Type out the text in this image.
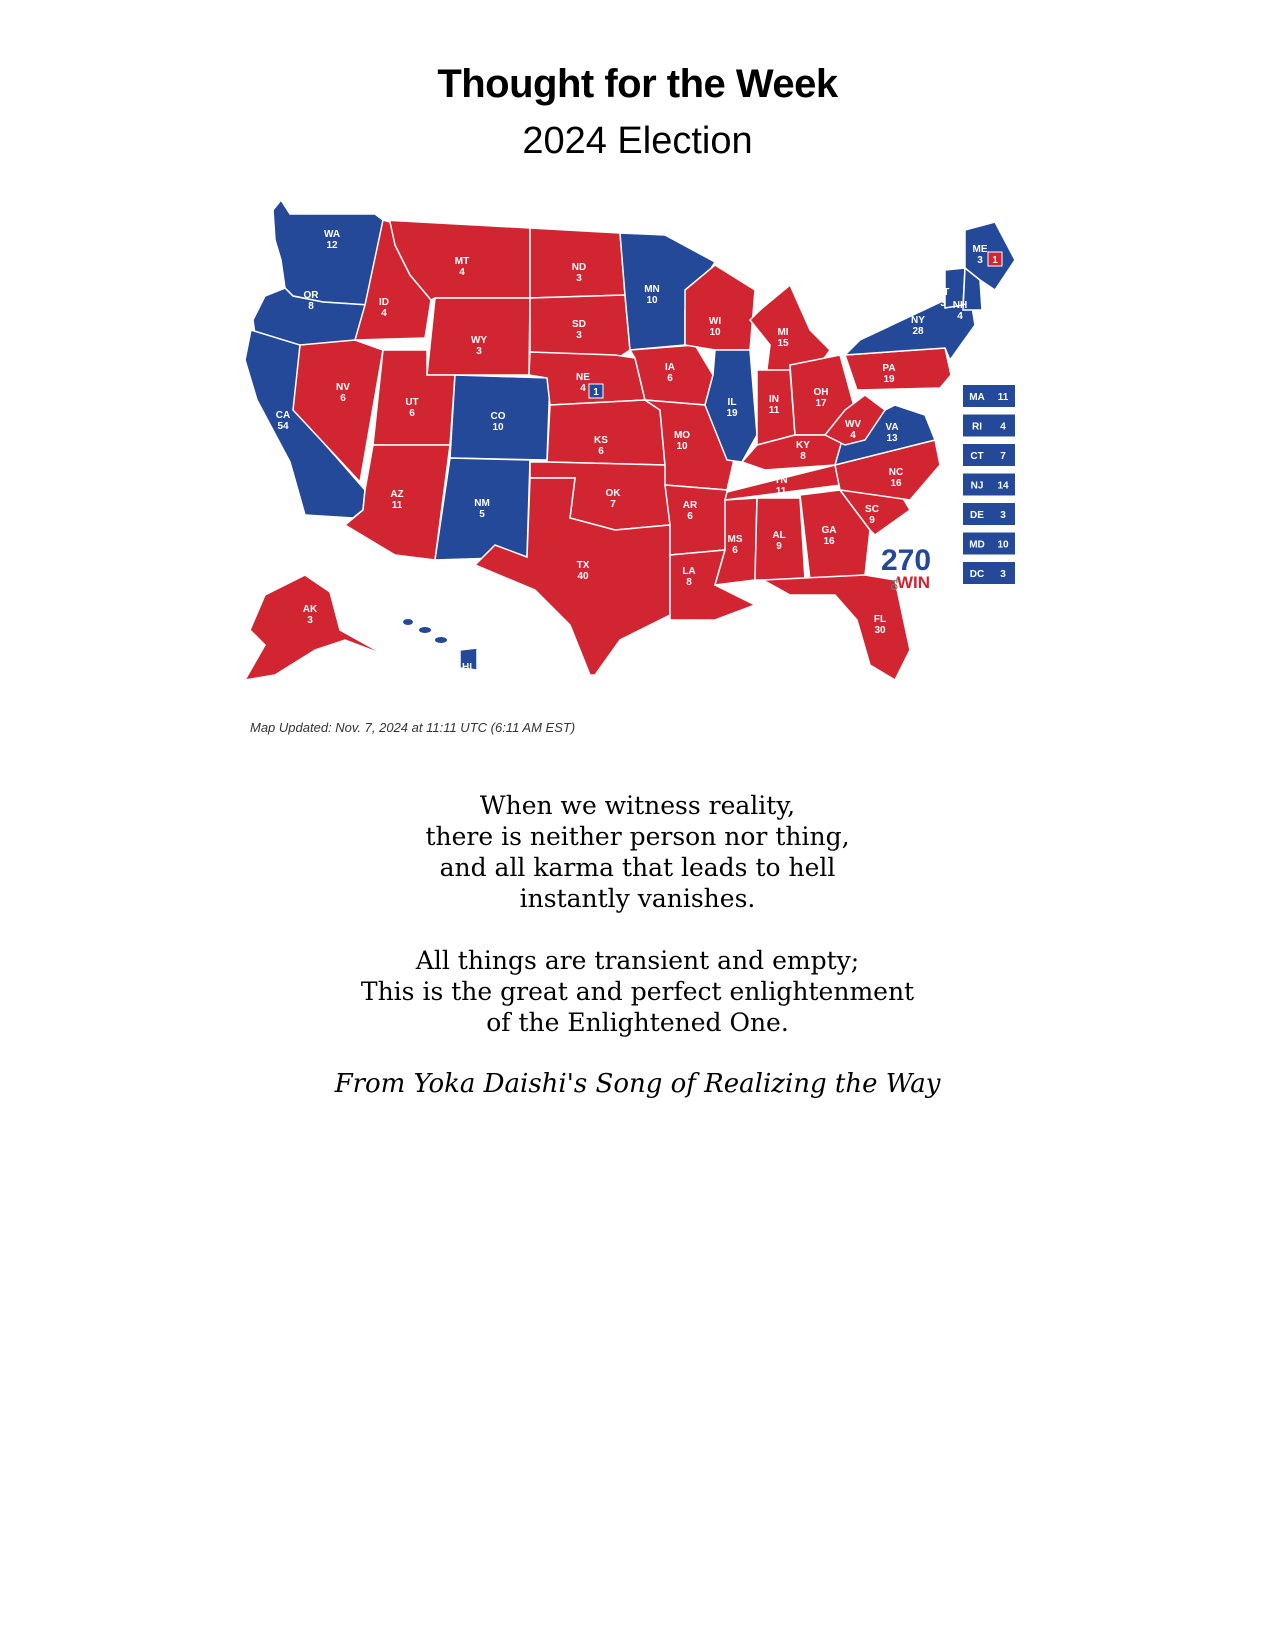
Thought for the Week
2024 Election
WA
12
OR
8
CA
54
NV
6
ID
4
MT
4
WY
3
UT
6
AZ
11
CO
10
NM
5
ND
3
SD
3
NE
4
KS
6
OK
7
TX
40
MN
10
IA
6
MO
10
AR
6
LA
8
WI
10
IL
19
MI
15
IN
11
OH
17
KY
8
TN
11
MS
6
AL
9
GA
16
FL
30
SC
9
NC
16
VA
13
WV
4
PA
19
NY
28
VT
3 NH
4
ME
3
AK
3
HI
4
1
1
MA 11
RI 4
CT 7
NJ 14
DE 3
MD 10
DC 3
270
TO
WIN
Map Updated: Nov. 7, 2024 at 11:11 UTC (6:11 AM EST)
When we witness reality,
there is neither person nor thing,
and all karma that leads to hell
instantly vanishes.
All things are transient and empty;
This is the great and perfect enlightenment
of the Enlightened One.
From Yoka Daishi's Song of Realizing the Way
